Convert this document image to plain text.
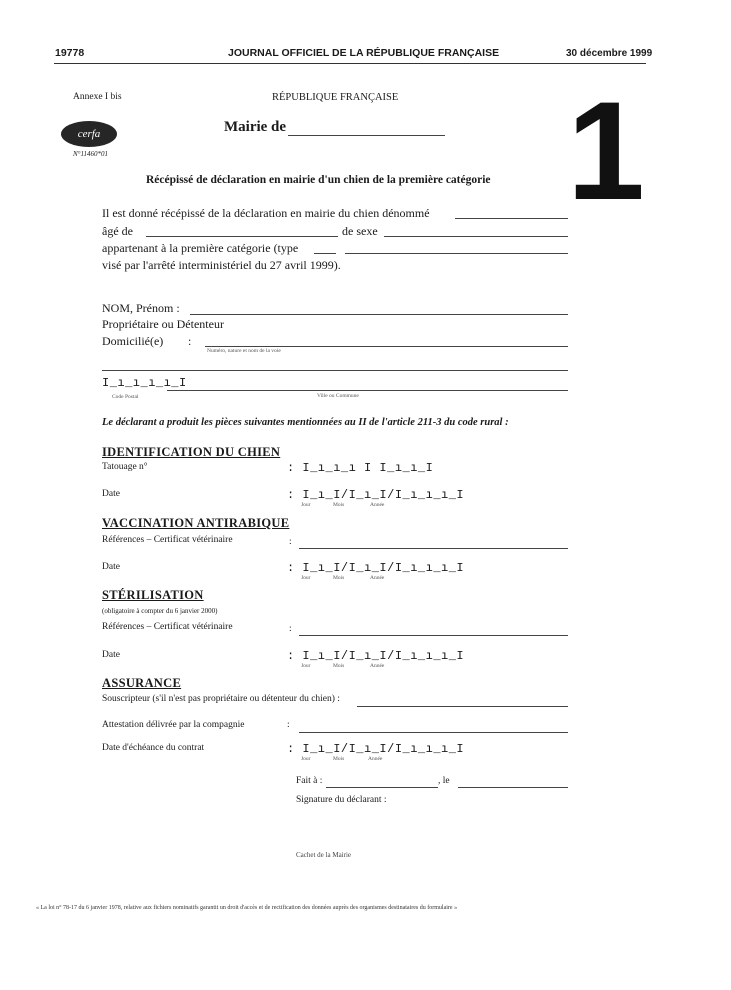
19778	JOURNAL OFFICIEL DE LA RÉPUBLIQUE FRANÇAISE	30 décembre 1999
Annexe I bis	RÉPUBLIQUE FRANÇAISE
cerfa
N°11460*01
Mairie de 1
Récépissé de déclaration en mairie d'un chien de la première catégorie
Il est donné récépissé de la déclaration en mairie du chien dénommé
âgé de	de sexe
appartenant à la première catégorie (type
visé par l'arrêté interministériel du 27 avril 1999).
NOM, Prénom :
Propriétaire ou Détenteur
Domicilié(e) :
Numéro, nature et nom de la voie
I_ı_ı_ı_ı_I
Code Postal	Ville ou Commune
Le déclarant a produit les pièces suivantes mentionnées au II de l'article 211-3 du code rural :
IDENTIFICATION DU CHIEN
Tatouage n°	: I_ı_ı_ı I I_ı_ı_I
Date	: I_ı_I/I_ı_I/I_ı_ı_ı_I
Jour	Mois	Année
VACCINATION ANTIRABIQUE
Références – Certificat vétérinaire	:
Date	: I_ı_I/I_ı_I/I_ı_ı_ı_I
Jour	Mois	Année
STÉRILISATION
(obligatoire à compter du 6 janvier 2000)
Références – Certificat vétérinaire	:
Date	: I_ı_I/I_ı_I/I_ı_ı_ı_I
Jour	Mois	Année
ASSURANCE
Souscripteur (s'il n'est pas propriétaire ou détenteur du chien) :
Attestation délivrée par la compagnie	:
Date d'échéance du contrat	: I_ı_I/I_ı_I/I_ı_ı_ı_I
Jour	Mois	Année
Fait à :	, le
Signature du déclarant :
Cachet de la Mairie
« La loi n° 78-17 du 6 janvier 1978, relative aux fichiers nominatifs garantit un droit d'accès et de rectification des données auprès des organismes destinataires du formulaire »
